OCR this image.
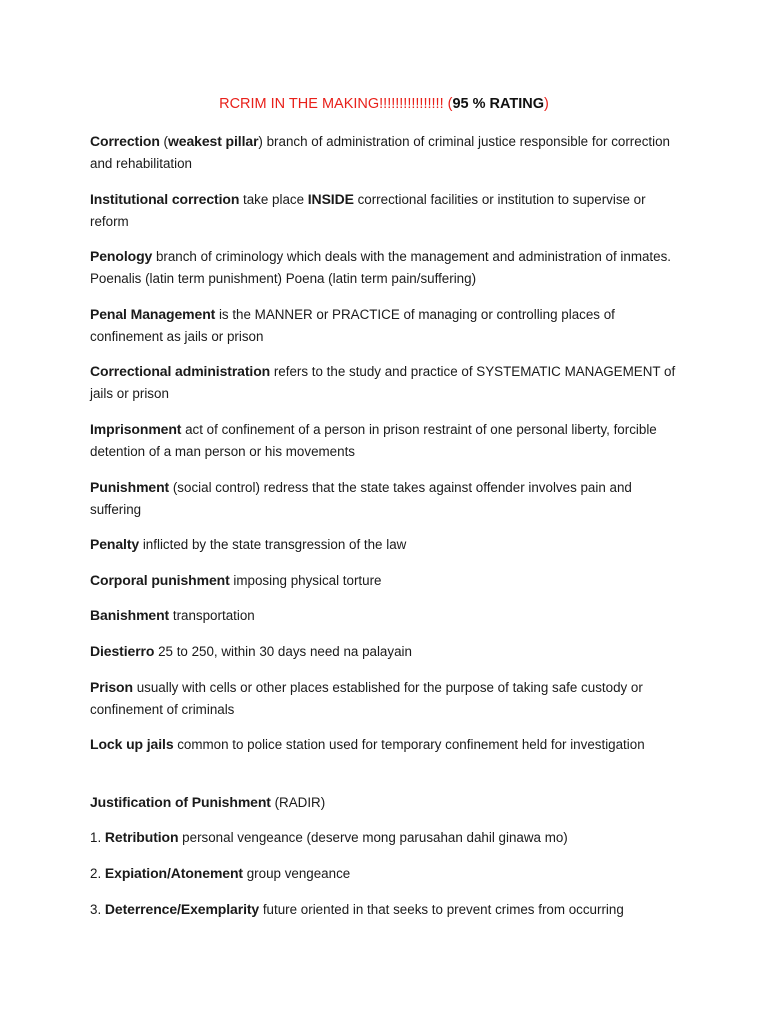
RCRIM IN THE MAKING!!!!!!!!!!!!!!!! (95 % RATING)

Correction (weakest pillar) branch of administration of criminal justice responsible for correction and rehabilitation

Institutional correction take place INSIDE correctional facilities or institution to supervise or reform

Penology branch of criminology which deals with the management and administration of inmates. Poenalis (latin term punishment) Poena (latin term pain/suffering)

Penal Management is the MANNER or PRACTICE of managing or controlling places of confinement as jails or prison

Correctional administration refers to the study and practice of SYSTEMATIC MANAGEMENT of jails or prison

Imprisonment act of confinement of a person in prison restraint of one personal liberty, forcible detention of a man person or his movements

Punishment (social control) redress that the state takes against offender involves pain and suffering

Penalty inflicted by the state transgression of the law

Corporal punishment imposing physical torture

Banishment transportation

Diestierro 25 to 250, within 30 days need na palayain

Prison usually with cells or other places established for the purpose of taking safe custody or confinement of criminals

Lock up jails common to police station used for temporary confinement held for investigation

Justification of Punishment (RADIR)

1. Retribution personal vengeance (deserve mong parusahan dahil ginawa mo)

2. Expiation/Atonement group vengeance

3. Deterrence/Exemplarity future oriented in that seeks to prevent crimes from occurring
